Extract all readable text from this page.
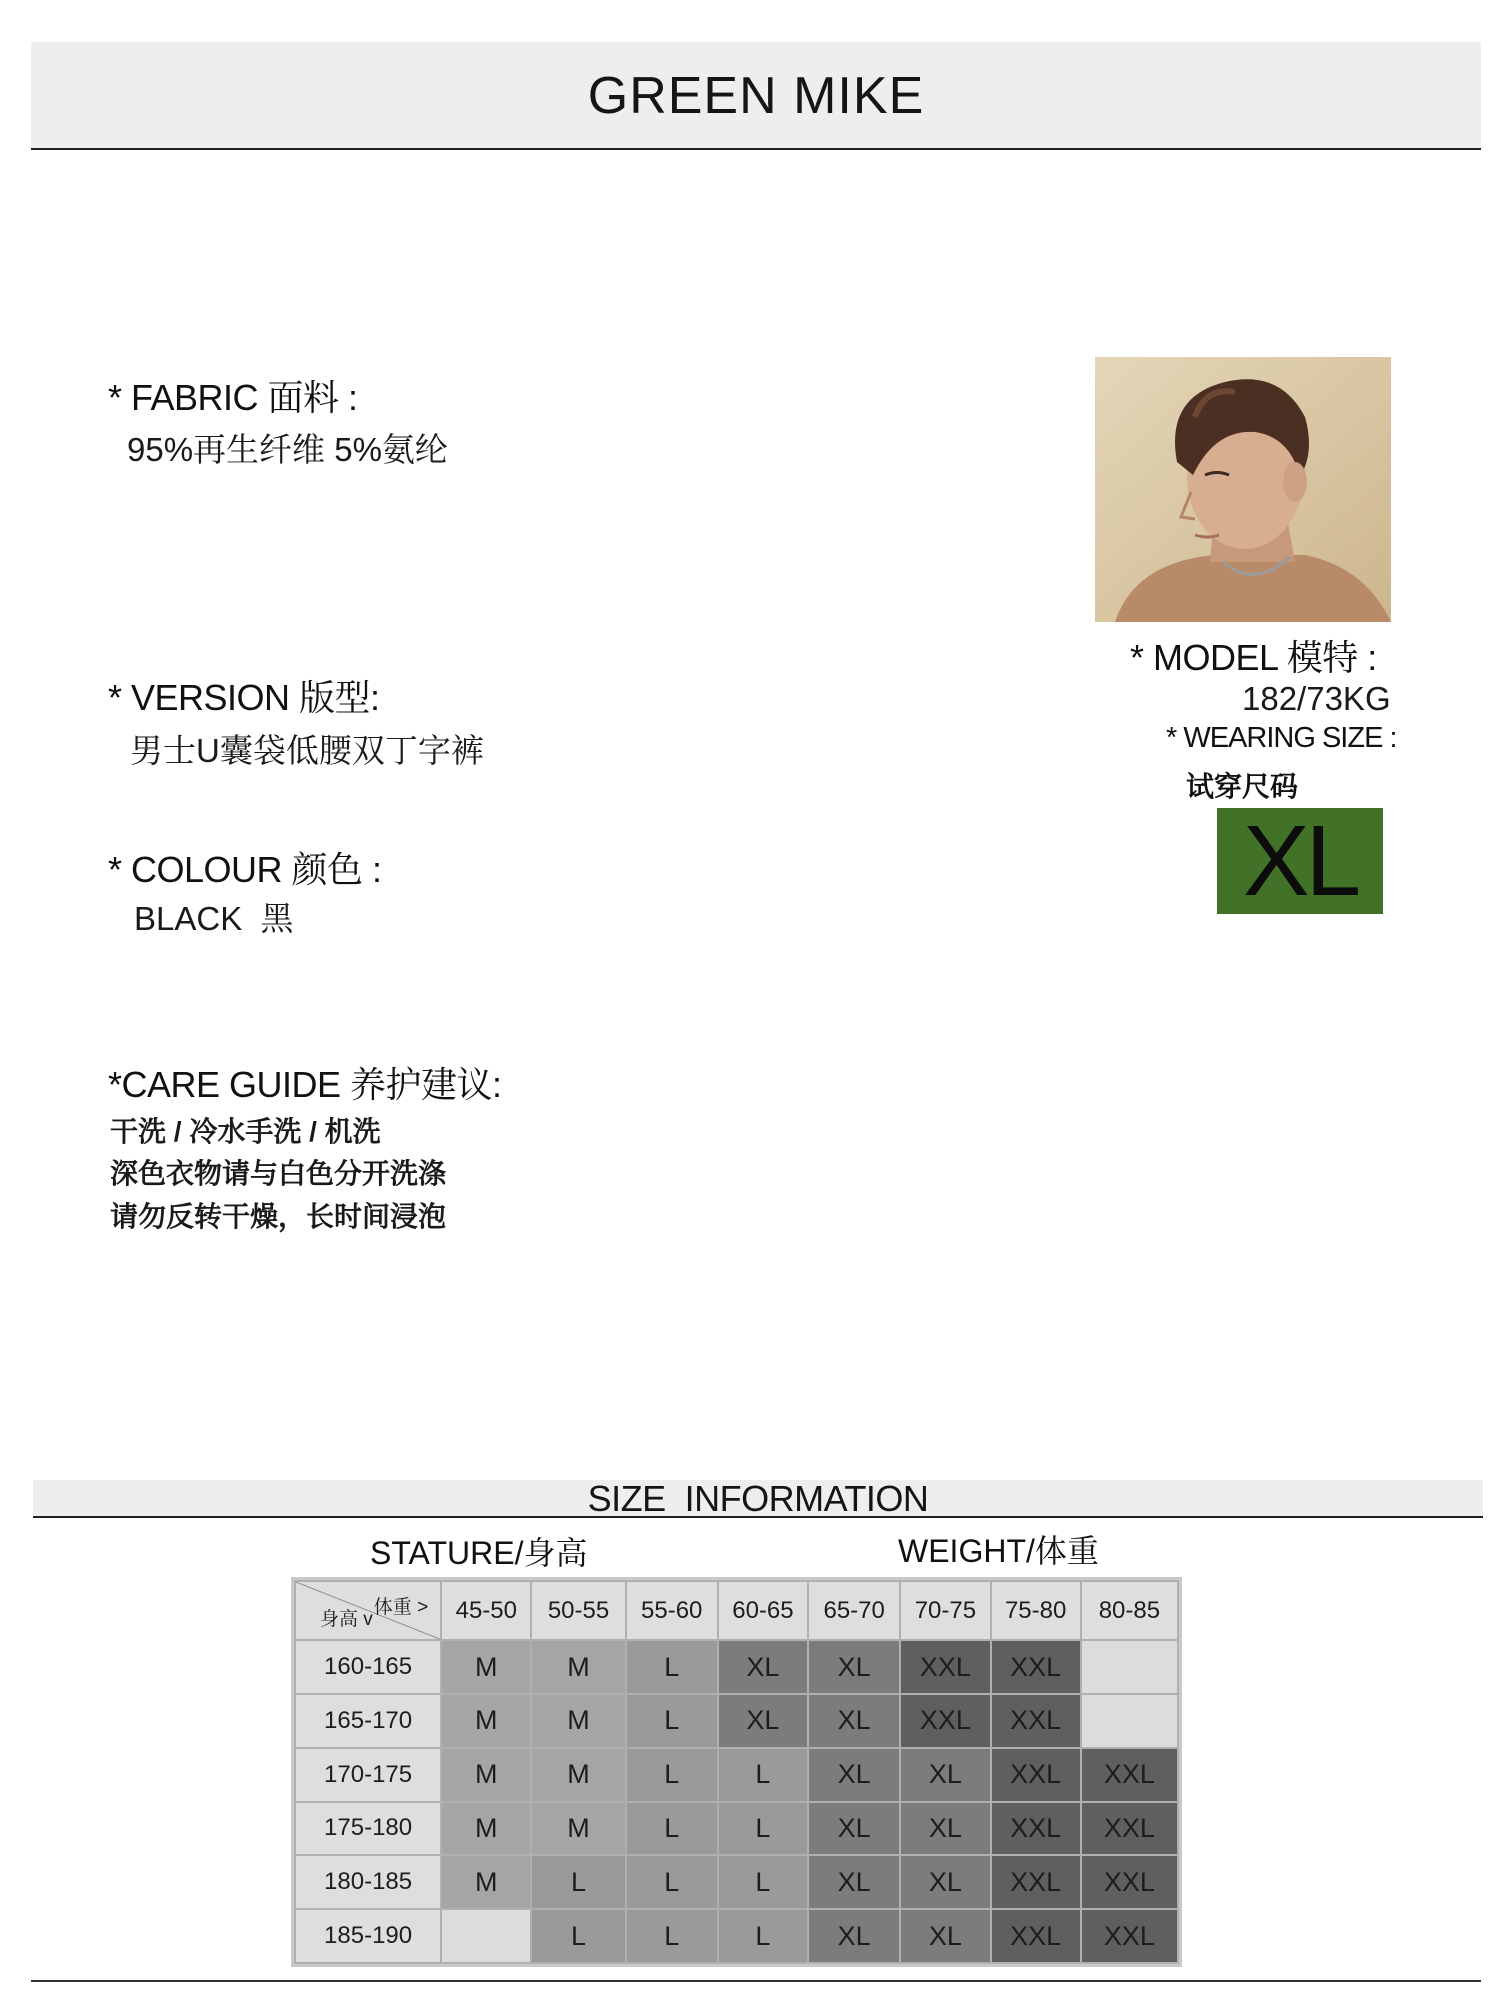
GREEN MIKE
* FABRIC 面料 :
95%再生纤维 5%氨纶
* VERSION 版型:
男士U囊袋低腰双丁字裤
* COLOUR 颜色 :
BLACK  黑
*CARE GUIDE 养护建议:
干洗 / 冷水手洗 / 机洗
深色衣物请与白色分开洗涤
请勿反转干燥，长时间浸泡
* MODEL 模特 :
182/73KG
* WEARING SIZE :
试穿尺码
XL
SIZE  INFORMATION
STATURE/身高	WEIGHT/体重
体重 >
身高 v	45-50	50-55	55-60	60-65	65-70	70-75	75-80	80-85
160-165	M	M	L	XL	XL	XXL	XXL	
165-170	M	M	L	XL	XL	XXL	XXL	
170-175	M	M	L	L	XL	XL	XXL	XXL
175-180	M	M	L	L	XL	XL	XXL	XXL
180-185	M	L	L	L	XL	XL	XXL	XXL
185-190		L	L	L	XL	XL	XXL	XXL
